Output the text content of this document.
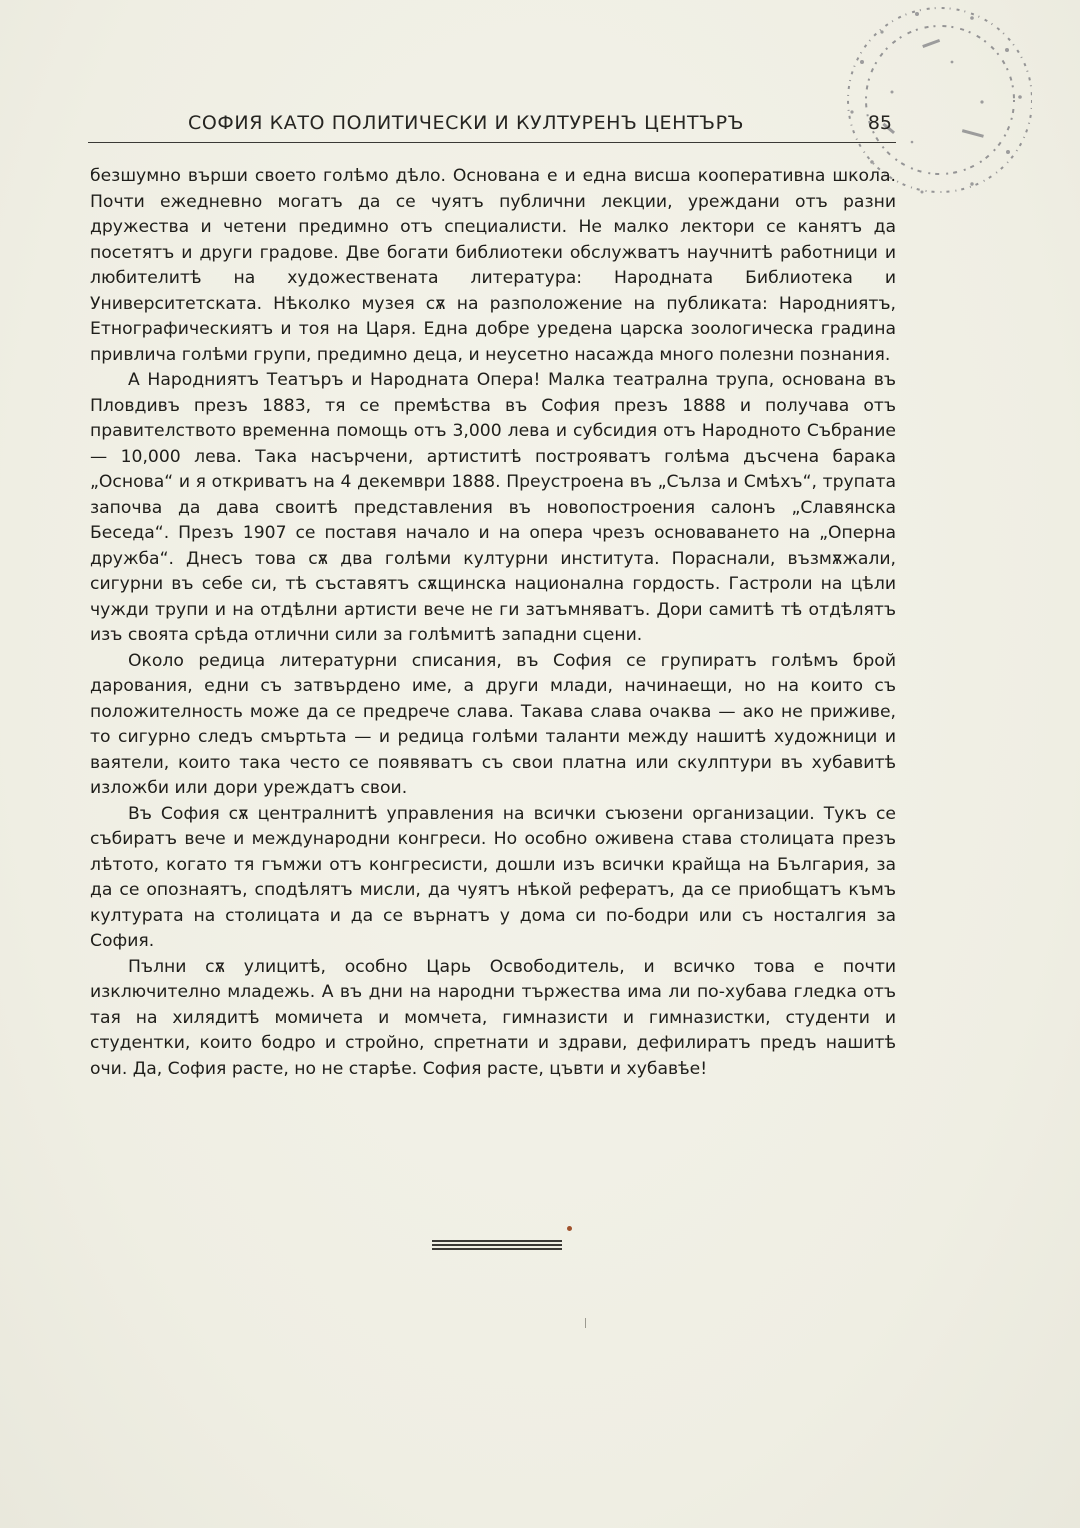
СОФИЯ КАТО ПОЛИТИЧЕСКИ И КУЛТУРЕНЪ ЦЕНТЪРЪ	85

безшумно върши своето голѣмо дѣло. Основана е и една висша кооперативна школа. Почти ежедневно могатъ да се чуятъ публични лекции, уреждани отъ разни дружества и четени предимно отъ специалисти. Не малко лектори се канятъ да посетятъ и други градове. Две богати библиотеки обслужватъ научнитѣ работници и любителитѣ на художествената литература: Народната Библиотека и Университетската. Нѣколко музея сѫ на разположение на публиката: Народниятъ, Етнографическиятъ и тоя на Царя. Една добре уредена царска зоологическа градина привлича голѣми групи, предимно деца, и неусетно насажда много полезни познания.

А Народниятъ Театъръ и Народната Опера! Малка театрална трупа, основана въ Пловдивъ презъ 1883, тя се премѣства въ София презъ 1888 и получава отъ правителството временна помощь отъ 3,000 лева и субсидия отъ Народното Събрание — 10,000 лева. Така насърчени, артиститѣ построяватъ голѣма дъсчена барака „Основа“ и я откриватъ на 4 декември 1888. Преустроена въ „Сълза и Смѣхъ“, трупата започва да дава своитѣ представления въ новопостроения салонъ „Славянска Беседа“. Презъ 1907 се поставя начало и на опера чрезъ основаването на „Оперна дружба“. Днесъ това сѫ два голѣми културни института. Пораснали, възмѫжали, сигурни въ себе си, тѣ съставятъ сѫщинска национална гордость. Гастроли на цѣли чужди трупи и на отдѣлни артисти вече не ги затъмняватъ. Дори самитѣ тѣ отдѣлятъ изъ своята срѣда отлични сили за голѣмитѣ западни сцени.

Около редица литературни списания, въ София се групиратъ голѣмъ брой дарования, едни съ затвърдено име, а други млади, начинаещи, но на които съ положителность може да се предрече слава. Такава слава очаква — ако не приживе, то сигурно следъ смъртьта — и редица голѣми таланти между нашитѣ художници и ваятели, които така често се появяватъ съ свои платна или скулптури въ хубавитѣ изложби или дори уреждатъ свои.

Въ София сѫ централнитѣ управления на всички съюзени организации. Тукъ се събиратъ вече и международни конгреси. Но особно оживена става столицата презъ лѣтото, когато тя гъмжи отъ конгресисти, дошли изъ всички крайща на България, за да се опознаятъ, сподѣлятъ мисли, да чуятъ нѣкой рефератъ, да се приобщатъ къмъ културата на столицата и да се върнатъ у дома си по-бодри или съ носталгия за София.

Пълни сѫ улицитѣ, особно Царь Освободитель, и всичко това е почти изключително младежь. А въ дни на народни тържества има ли по-хубава гледка отъ тая на хилядитѣ момичета и момчета, гимназисти и гимназистки, студенти и студентки, които бодро и стройно, спретнати и здрави, дефилиратъ предъ нашитѣ очи. Да, София расте, но не старѣе. София расте, цъвти и хубавѣе!
